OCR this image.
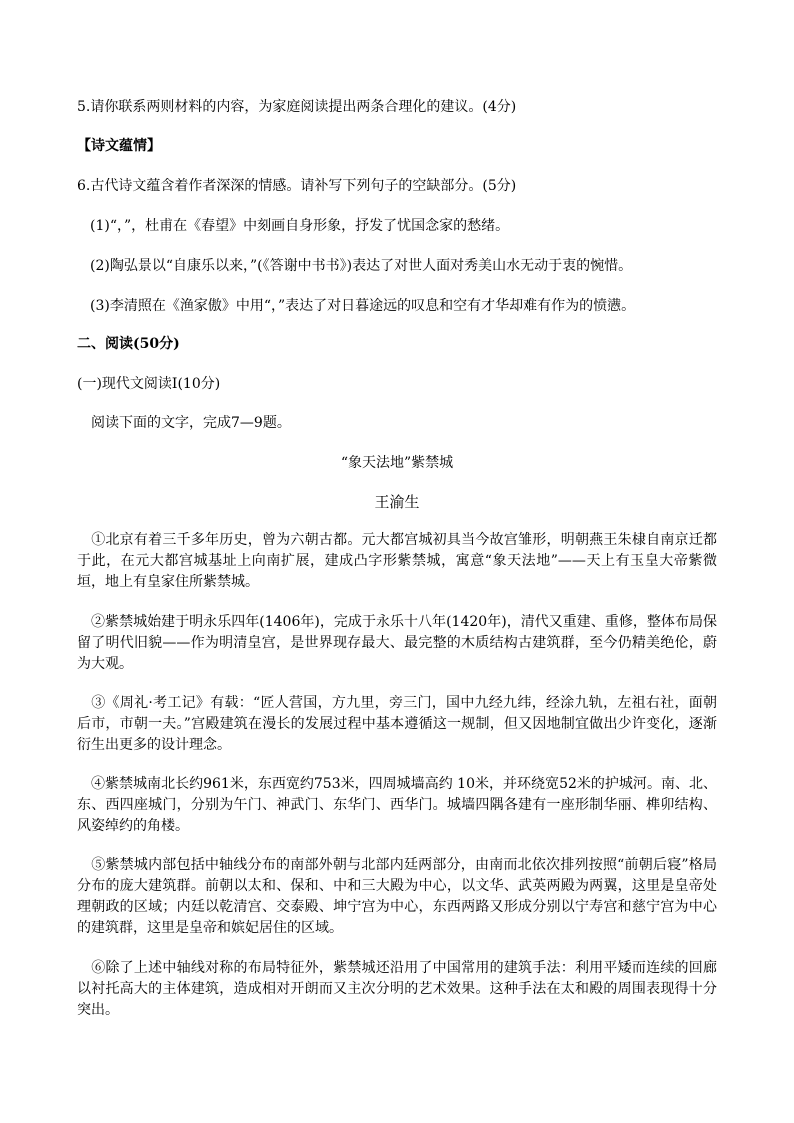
5.请你联系两则材料的内容，为家庭阅读提出两条合理化的建议。(4分)
【诗文蕴情】
6.古代诗文蕴含着作者深深的情感。请补写下列句子的空缺部分。(5分)
(1)“，”，杜甫在《春望》中刻画自身形象，抒发了忧国念家的愁绪。
(2)陶弘景以“自康乐以来，”(《答谢中书书》)表达了对世人面对秀美山水无动于衷的惋惜。
(3)李清照在《渔家傲》中用“，”表达了对日暮途远的叹息和空有才华却难有作为的愤懑。
二、阅读(50分)
(一)现代文阅读Ⅰ(10分)
阅读下面的文字，完成7—9题。
“象天法地”紫禁城
王渝生
①北京有着三千多年历史，曾为六朝古都。元大都宫城初具当今故宫雏形，明朝燕王朱棣自南京迁都于此，在元大都宫城基址上向南扩展，建成凸字形紫禁城，寓意“象天法地”——天上有玉皇大帝紫微垣，地上有皇家住所紫禁城。
②紫禁城始建于明永乐四年(1406年)，完成于永乐十八年(1420年)，清代又重建、重修，整体布局保留了明代旧貌——作为明清皇宫，是世界现存最大、最完整的木质结构古建筑群，至今仍精美绝伦，蔚为大观。
③《周礼·考工记》有载：“匠人营国，方九里，旁三门，国中九经九纬，经涂九轨，左祖右社，面朝后市，市朝一夫。”宫殿建筑在漫长的发展过程中基本遵循这一规制，但又因地制宜做出少许变化，逐渐衍生出更多的设计理念。
④紫禁城南北长约961米，东西宽约753米，四周城墙高约 10米，并环绕宽52米的护城河。南、北、东、西四座城门，分别为午门、神武门、东华门、西华门。城墙四隅各建有一座形制华丽、榫卯结构、风姿绰约的角楼。
⑤紫禁城内部包括中轴线分布的南部外朝与北部内廷两部分，由南而北依次排列按照“前朝后寝”格局分布的庞大建筑群。前朝以太和、保和、中和三大殿为中心，以文华、武英两殿为两翼，这里是皇帝处理朝政的区域；内廷以乾清宫、交泰殿、坤宁宫为中心，东西两路又形成分别以宁寿宫和慈宁宫为中心的建筑群，这里是皇帝和嫔妃居住的区域。
⑥除了上述中轴线对称的布局特征外，紫禁城还沿用了中国常用的建筑手法：利用平矮而连续的回廊以衬托高大的主体建筑，造成相对开朗而又主次分明的艺术效果。这种手法在太和殿的周围表现得十分突出。
